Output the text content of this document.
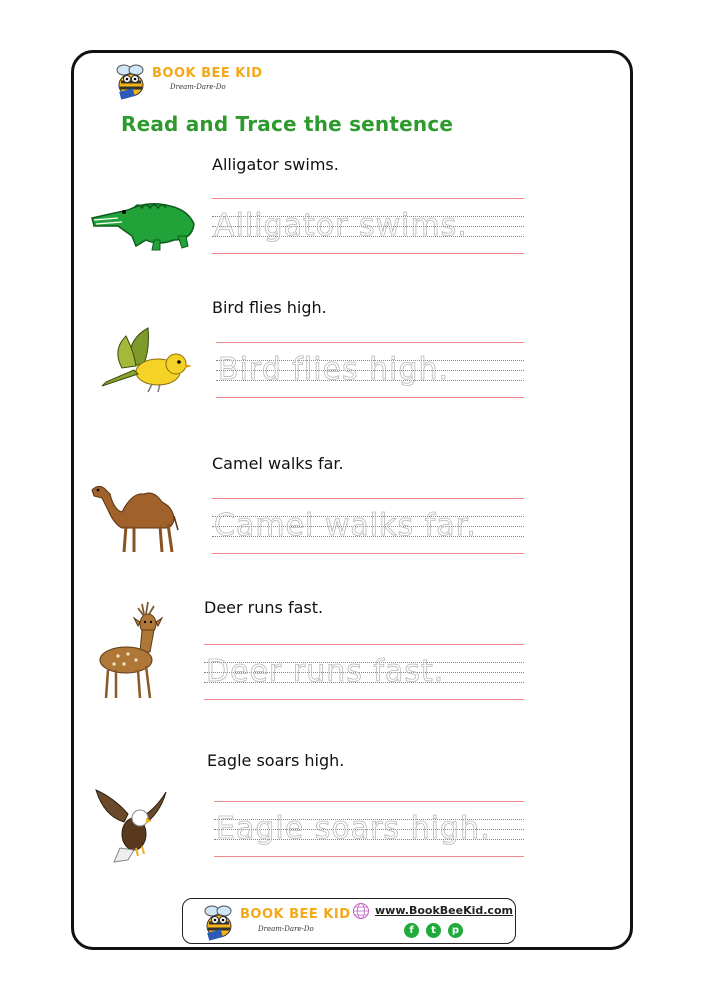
BOOK BEE KID
Dream-Dare-Do
Read and Trace the sentence
Alligator swims.
Alligator swims.
Bird flies high.
Bird flies high.
Camel walks far.
Camel walks far.
Deer runs fast.
Deer runs fast.
Eagle soars high.
Eagle soars high.
BOOK BEE KID
Dream-Dare-Do
www.BookBeeKid.com
f	t	p
